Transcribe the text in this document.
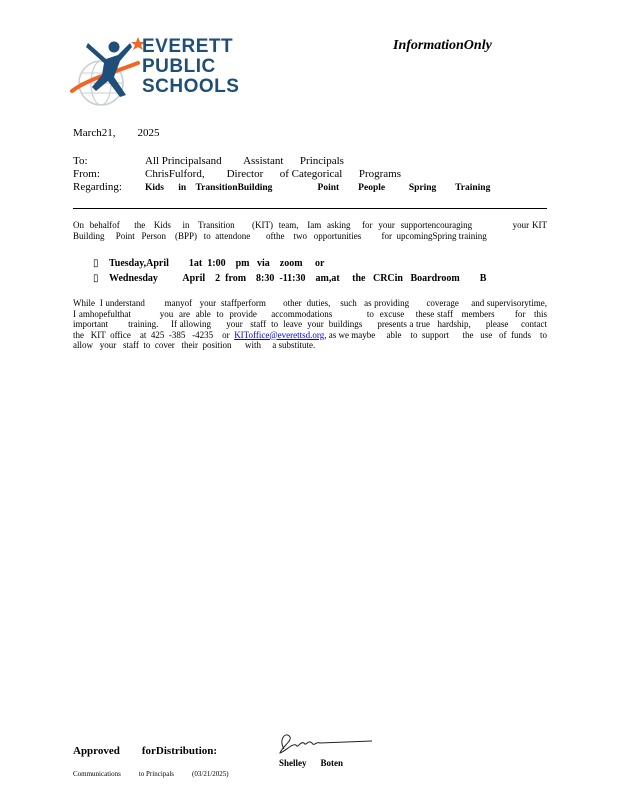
EVERETT
PUBLIC
SCHOOLS
InformationOnly
March21, 2025
To:	All Principalsand        Assistant      Principals
From:	ChrisFulford,        Director      of Categorical      Programs
Regarding: Kids      in    TransitionBuilding                   Point        People          Spring        Training
On  behalfof     the   Kids    in   Transition      (KIT)  team,   Iam  asking    for  your  supportencouraging              your KIT  Building     Point   Person    (BPP)   to  attendone       ofthe    two   opportunities         for  upcomingSpring training
▯ Tuesday,April        1at  1:00    pm   via    zoom     or
▯ Wednesday          April    2  from    8:30  -11:30    am,at     the   CRCin   Boardroom        B
While  I understand        manyof   your  staffperform       other  duties,    such   as providing       coverage     and supervisorytime,             I amhopefulthat          you  are  able  to  provide     accommodations            to  excuse    these staff   members       for   this   important        training.     If allowing      your   staff  to  leave  your  buildings      presents a true   hardship,      please     contact      the   KIT  office    at  425  -385   -4235    or KIToffice@everettsd.org, as we maybe     able    to  support      the   use   of  funds    to  allow   your   staff  to  cover   their  position      with     a substitute.
Approved forDistribution:
Shelley Boten
Communications	to Principals	(03/21/2025)
